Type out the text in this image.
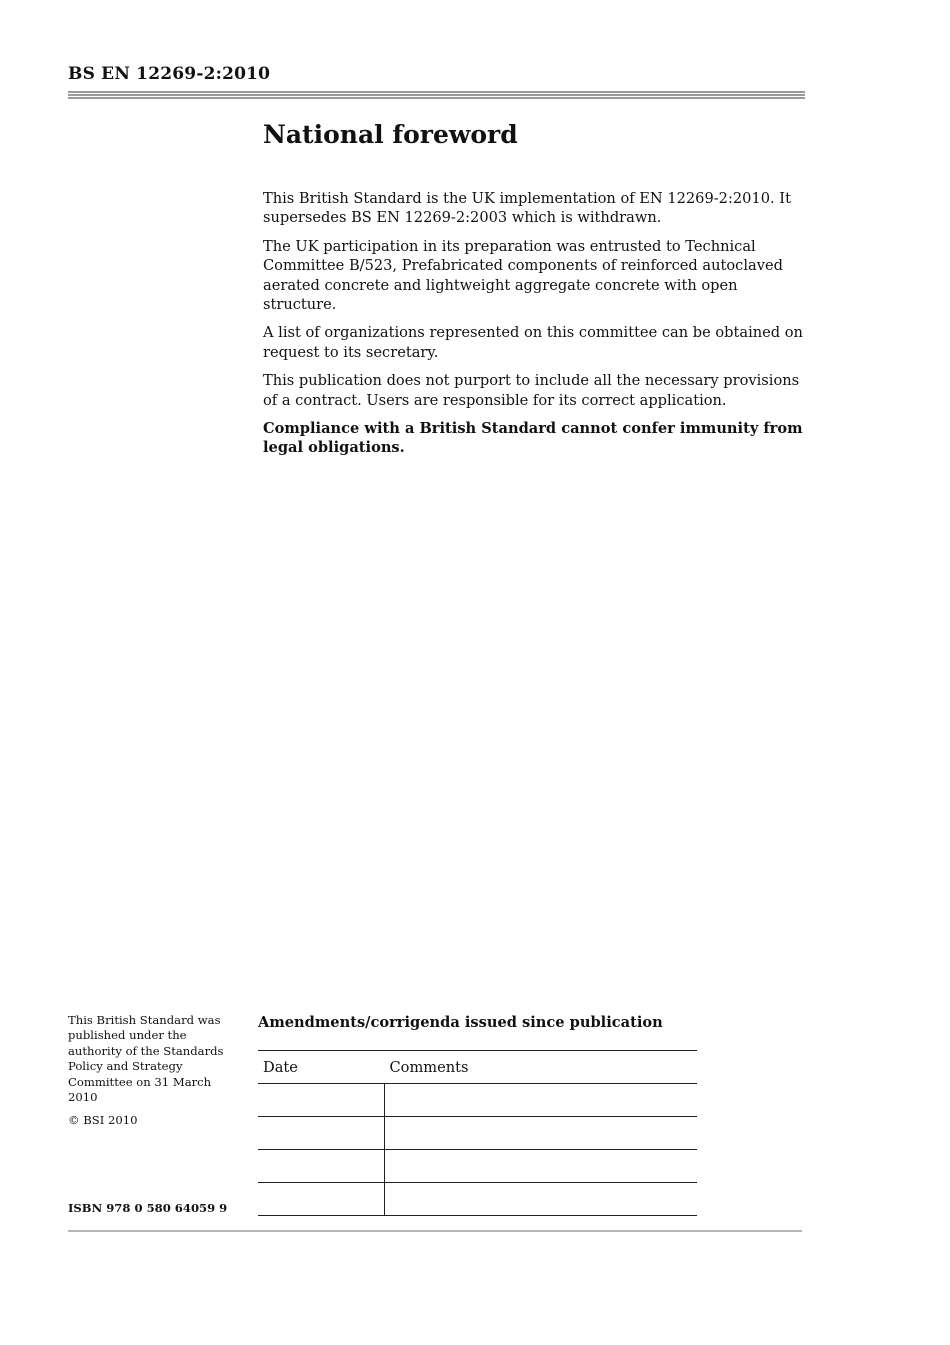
BS EN 12269-2:2010
National foreword

This British Standard is the UK implementation of EN 12269-2:2010. It supersedes BS EN 12269-2:2003 which is withdrawn.

The UK participation in its preparation was entrusted to Technical Committee B/523, Prefabricated components of reinforced autoclaved aerated concrete and lightweight aggregate concrete with open structure.

A list of organizations represented on this committee can be obtained on request to its secretary.

This publication does not purport to include all the necessary provisions of a contract. Users are responsible for its correct application.

Compliance with a British Standard cannot confer immunity from legal obligations.

This British Standard was published under the authority of the Standards Policy and Strategy Committee on 31 March 2010

© BSI 2010

ISBN 978 0 580 64059 9
Amendments/corrigenda issued since publication
Date	Comments
